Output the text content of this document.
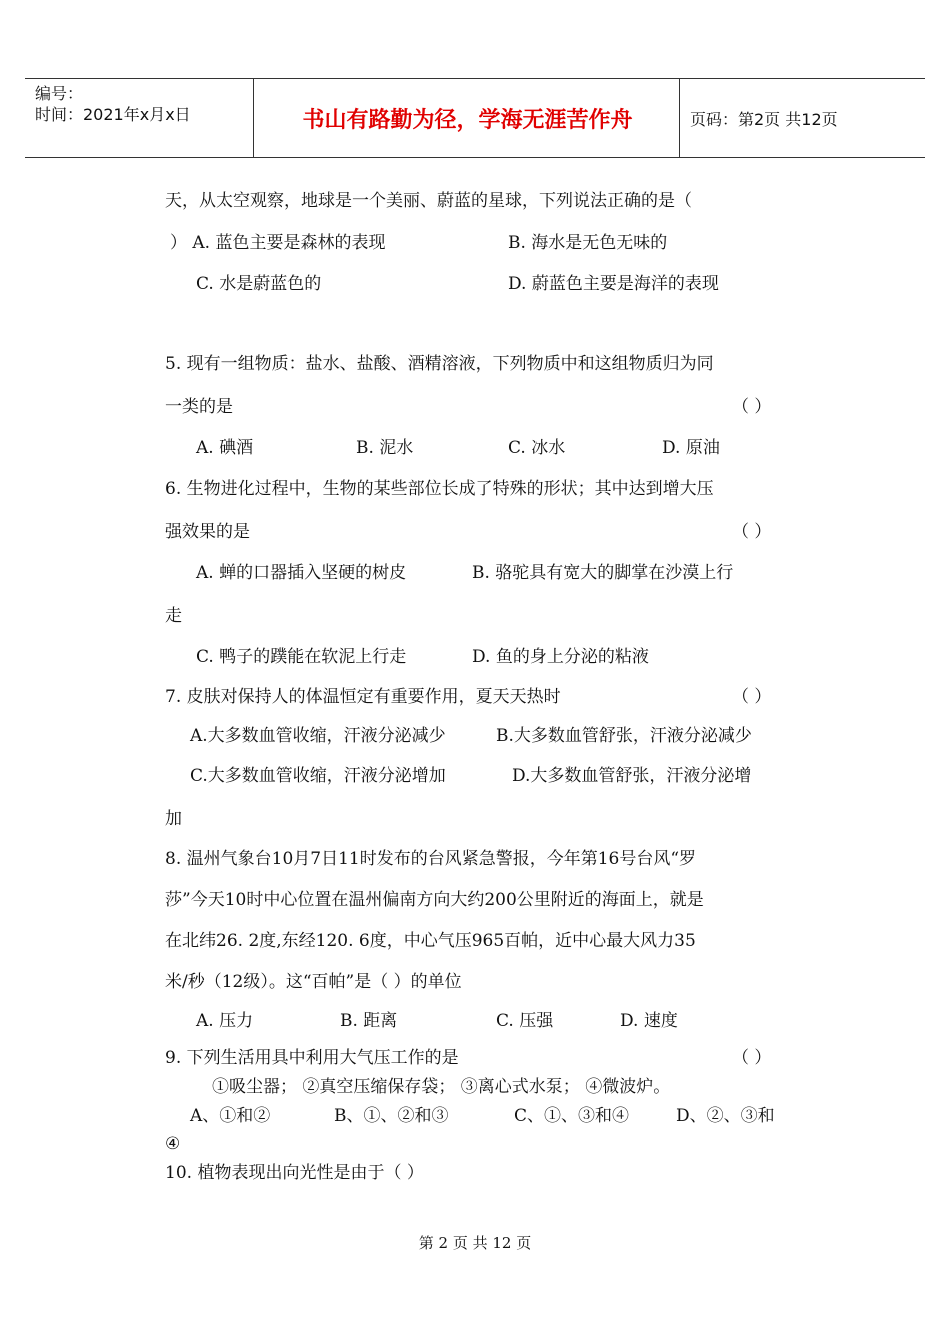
编号：
时间：2021年x月x日	书山有路勤为径，学海无涯苦作舟	页码：第2页 共12页
天，从太空观察，地球是一个美丽、蔚蓝的星球，下列说法正确的是（
） A. 蓝色主要是森林的表现	B. 海水是无色无味的
C. 水是蔚蓝色的	D. 蔚蓝色主要是海洋的表现
5. 现有一组物质：盐水、盐酸、酒精溶液，下列物质中和这组物质归为同
一类的是	（ ）
A. 碘酒	B. 泥水	C. 冰水	D. 原油
6. 生物进化过程中，生物的某些部位长成了特殊的形状；其中达到增大压
强效果的是	（ ）
A. 蝉的口器插入坚硬的树皮	B. 骆驼具有宽大的脚掌在沙漠上行
走
C. 鸭子的蹼能在软泥上行走	D. 鱼的身上分泌的粘液
7. 皮肤对保持人的体温恒定有重要作用，夏天天热时	（ ）
A.大多数血管收缩，汗液分泌减少	B.大多数血管舒张，汗液分泌减少
C.大多数血管收缩，汗液分泌增加	D.大多数血管舒张，汗液分泌增
加
8. 温州气象台10月7日11时发布的台风紧急警报，今年第16号台风“罗
莎”今天10时中心位置在温州偏南方向大约200公里附近的海面上，就是
在北纬26. 2度,东经120. 6度，中心气压965百帕，近中心最大风力35
米/秒（12级）。这“百帕”是（ ）的单位
A. 压力	B. 距离	C. 压强	D. 速度
9. 下列生活用具中利用大气压工作的是	（ ）
①吸尘器； ②真空压缩保存袋； ③离心式水泵； ④微波炉。
A、①和②	B、①、②和③	C、①、③和④	D、②、③和
④
10. 植物表现出向光性是由于（ ）
第 2 页 共 12 页
